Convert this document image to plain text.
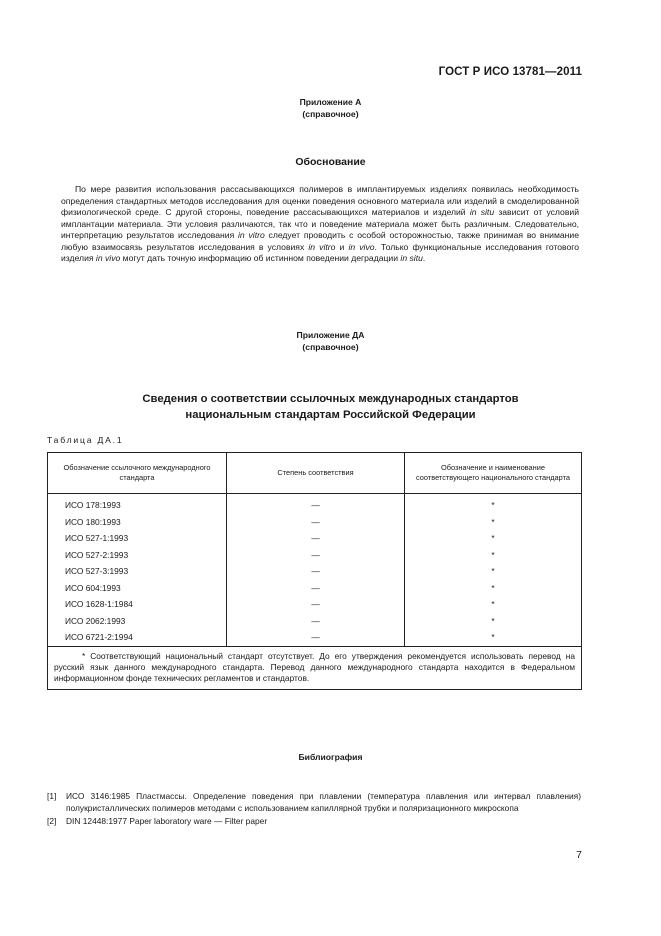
ГОСТ Р ИСО 13781—2011
Приложение А
(справочное)
Обоснование

По мере развития использования рассасывающихся полимеров в имплантируемых изделиях появилась необходимость определения стандартных методов исследования для оценки поведения основного материала или изделий в смоделированной физиологической среде. С другой стороны, поведение рассасывающихся материалов и изделий in situ зависит от условий имплантации материала. Эти условия различаются, так что и поведение материала может быть различным. Следовательно, интерпретацию результатов исследования in vitro следует проводить с особой осторожностью, также принимая во внимание любую взаимосвязь результатов исследования в условиях in vitro и in vivo. Только функциональные исследования готового изделия in vivo могут дать точную информацию об истинном поведении деградации in situ.

Приложение ДА
(справочное)
Сведения о соответствии ссылочных международных стандартов
национальным стандартам Российской Федерации
Таблица ДА.1
Обозначение ссылочного международного стандарта	Степень соответствия	Обозначение и наименование соответствующего национального стандарта
ИСО 178:1993	—	*
ИСО 180:1993	—	*
ИСО 527-1:1993	—	*
ИСО 527-2:1993	—	*
ИСО 527-3:1993	—	*
ИСО 604:1993	—	*
ИСО 1628-1:1984	—	*
ИСО 2062:1993	—	*
ИСО 6721-2:1994	—	*

* Соответствующий национальный стандарт отсутствует. До его утверждения рекомендуется использовать перевод на русский язык данного международного стандарта. Перевод данного международного стандарта находится в Федеральном информационном фонде технических регламентов и стандартов.		

Библиография
[1]	ИСО 3146:1985 Пластмассы. Определение поведения при плавлении (температура плавления или интервал плавления) полукристаллических полимеров методами с использованием капиллярной трубки и поляризационного микроскопа
[2]	DIN 12448:1977 Paper laboratory ware — Filter paper
7
